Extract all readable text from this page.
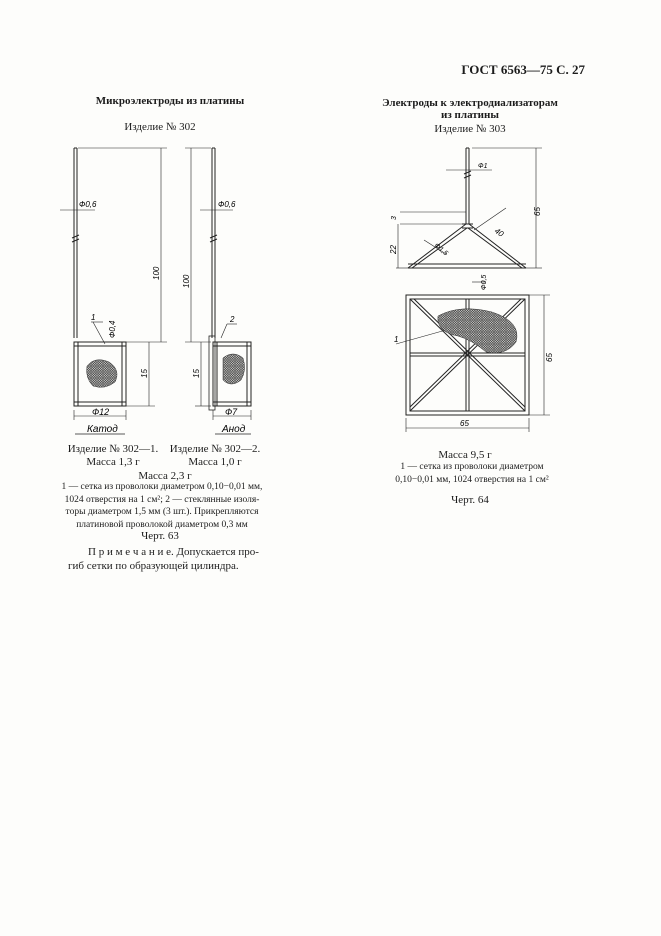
ГОСТ 6563—75 С. 27
Микроэлектроды из платины
Изделие № 302
Ф0,6	Ф0,6
Ф0,4
100
100
15	15
Ф12	Ф7
1	2
Катод	Анод
Изделие № 302—1.
Масса 1,3 г
Изделие № 302—2.
Масса 1,0 г
Масса 2,3 г
1 — сетка из проволоки диаметром 0,10−0,01 мм,
1024 отверстия на 1 см²; 2 — стеклянные изоля-
торы диаметром 1,5 мм (3 шт.). Прикрепляются
платиновой проволокой диаметром 0,3 мм
Черт. 63
П р и м е ч а н и е. Допускается про-
гиб сетки по образующей цилиндра.
Электроды к электродиализаторам
из платины
Изделие № 303
Ф1
65
3
22
40
Ф1,5
Ф0,5
65
65
1
Масса 9,5 г
1 — сетка из проволоки диаметром
0,10−0,01 мм, 1024 отверстия на 1 см²
Черт. 64
